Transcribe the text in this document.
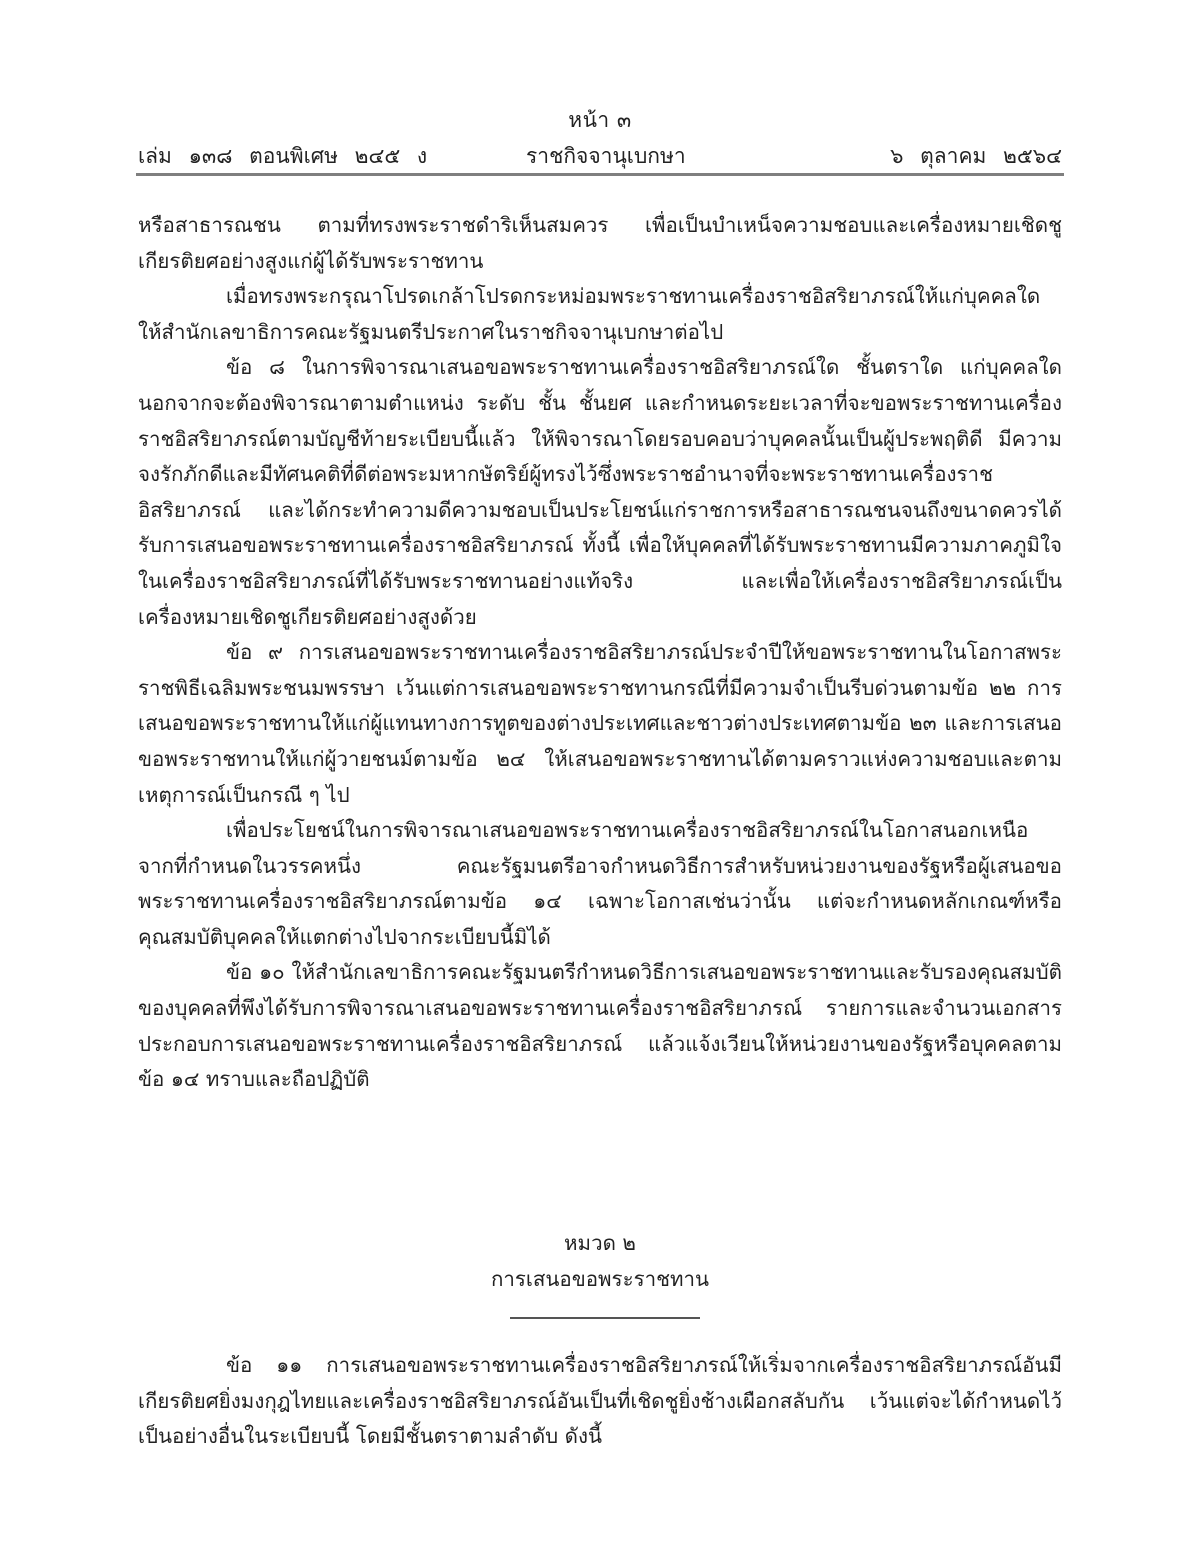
หน้า ๓
เล่ม ๑๓๘ ตอนพิเศษ ๒๔๕ ง	ราชกิจจานุเบกษา	๖ ตุลาคม ๒๕๖๔

หรือสาธารณชน ตามที่ทรงพระราชดำริเห็นสมควร เพื่อเป็นบำเหน็จความชอบและเครื่องหมายเชิดชูเกียรติยศอย่างสูงแก่ผู้ได้รับพระราชทาน

เมื่อทรงพระกรุณาโปรดเกล้าโปรดกระหม่อมพระราชทานเครื่องราชอิสริยาภรณ์ให้แก่บุคคลใด ให้สำนักเลขาธิการคณะรัฐมนตรีประกาศในราชกิจจานุเบกษาต่อไป

ข้อ ๘ ในการพิจารณาเสนอขอพระราชทานเครื่องราชอิสริยาภรณ์ใด ชั้นตราใด แก่บุคคลใด นอกจากจะต้องพิจารณาตามตำแหน่ง ระดับ ชั้น ชั้นยศ และกำหนดระยะเวลาที่จะขอพระราชทานเครื่องราชอิสริยาภรณ์ตามบัญชีท้ายระเบียบนี้แล้ว ให้พิจารณาโดยรอบคอบว่าบุคคลนั้นเป็นผู้ประพฤติดี มีความจงรักภักดีและมีทัศนคติที่ดีต่อพระมหากษัตริย์ผู้ทรงไว้ซึ่งพระราชอำนาจที่จะพระราชทานเครื่องราชอิสริยาภรณ์ และได้กระทำความดีความชอบเป็นประโยชน์แก่ราชการหรือสาธารณชนจนถึงขนาดควรได้รับการเสนอขอพระราชทานเครื่องราชอิสริยาภรณ์ ทั้งนี้ เพื่อให้บุคคลที่ได้รับพระราชทานมีความภาคภูมิใจในเครื่องราชอิสริยาภรณ์ที่ได้รับพระราชทานอย่างแท้จริง และเพื่อให้เครื่องราชอิสริยาภรณ์เป็นเครื่องหมายเชิดชูเกียรติยศอย่างสูงด้วย

ข้อ ๙ การเสนอขอพระราชทานเครื่องราชอิสริยาภรณ์ประจำปีให้ขอพระราชทานในโอกาสพระราชพิธีเฉลิมพระชนมพรรษา เว้นแต่การเสนอขอพระราชทานกรณีที่มีความจำเป็นรีบด่วนตามข้อ ๒๒ การเสนอขอพระราชทานให้แก่ผู้แทนทางการทูตของต่างประเทศและชาวต่างประเทศตามข้อ ๒๓ และการเสนอขอพระราชทานให้แก่ผู้วายชนม์ตามข้อ ๒๔ ให้เสนอขอพระราชทานได้ตามคราวแห่งความชอบและตามเหตุการณ์เป็นกรณี ๆ ไป

เพื่อประโยชน์ในการพิจารณาเสนอขอพระราชทานเครื่องราชอิสริยาภรณ์ในโอกาสนอกเหนือจากที่กำหนดในวรรคหนึ่ง คณะรัฐมนตรีอาจกำหนดวิธีการสำหรับหน่วยงานของรัฐหรือผู้เสนอขอพระราชทานเครื่องราชอิสริยาภรณ์ตามข้อ ๑๔ เฉพาะโอกาสเช่นว่านั้น แต่จะกำหนดหลักเกณฑ์หรือคุณสมบัติบุคคลให้แตกต่างไปจากระเบียบนี้มิได้

ข้อ ๑๐ ให้สำนักเลขาธิการคณะรัฐมนตรีกำหนดวิธีการเสนอขอพระราชทานและรับรองคุณสมบัติของบุคคลที่พึงได้รับการพิจารณาเสนอขอพระราชทานเครื่องราชอิสริยาภรณ์ รายการและจำนวนเอกสารประกอบการเสนอขอพระราชทานเครื่องราชอิสริยาภรณ์ แล้วแจ้งเวียนให้หน่วยงานของรัฐหรือบุคคลตามข้อ ๑๔ ทราบและถือปฏิบัติ

หมวด ๒
การเสนอขอพระราชทาน

ข้อ ๑๑ การเสนอขอพระราชทานเครื่องราชอิสริยาภรณ์ให้เริ่มจากเครื่องราชอิสริยาภรณ์อันมีเกียรติยศยิ่งมงกุฎไทยและเครื่องราชอิสริยาภรณ์อันเป็นที่เชิดชูยิ่งช้างเผือกสลับกัน เว้นแต่จะได้กำหนดไว้เป็นอย่างอื่นในระเบียบนี้ โดยมีชั้นตราตามลำดับ ดังนี้
